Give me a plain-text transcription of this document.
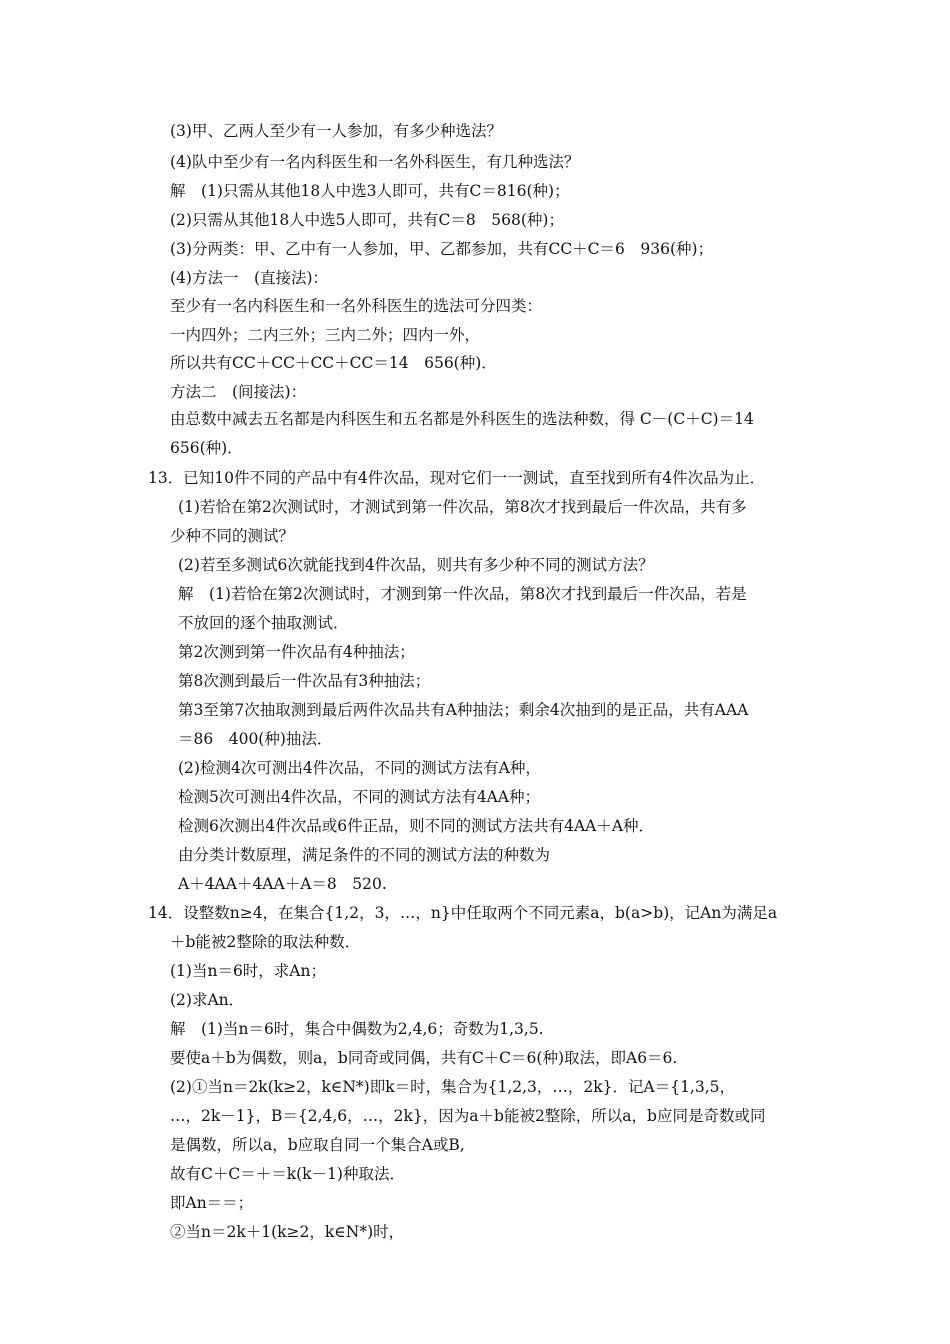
(3)甲、乙两人至少有一人参加，有多少种选法？
(4)队中至少有一名内科医生和一名外科医生，有几种选法？
解　(1)只需从其他18人中选3人即可，共有C＝816(种)；
(2)只需从其他18人中选5人即可，共有C＝8　568(种)；
(3)分两类：甲、乙中有一人参加，甲、乙都参加，共有CC＋C＝6　936(种)；
(4)方法一　(直接法)：
至少有一名内科医生和一名外科医生的选法可分四类：
一内四外；二内三外；三内二外；四内一外，
所以共有CC＋CC＋CC＋CC＝14　656(种)．
方法二　(间接法)：
由总数中减去五名都是内科医生和五名都是外科医生的选法种数，得 C－(C＋C)＝14
656(种)．
13．已知10件不同的产品中有4件次品，现对它们一一测试，直至找到所有4件次品为止．
(1)若恰在第2次测试时，才测试到第一件次品，第8次才找到最后一件次品，共有多
少种不同的测试？
(2)若至多测试6次就能找到4件次品，则共有多少种不同的测试方法？
解　(1)若恰在第2次测试时，才测到第一件次品，第8次才找到最后一件次品，若是
不放回的逐个抽取测试．
第2次测到第一件次品有4种抽法；
第8次测到最后一件次品有3种抽法；
第3至第7次抽取测到最后两件次品共有A种抽法；剩余4次抽到的是正品，共有AAA
＝86　400(种)抽法．
(2)检测4次可测出4件次品，不同的测试方法有A种，
检测5次可测出4件次品，不同的测试方法有4AA种；
检测6次测出4件次品或6件正品，则不同的测试方法共有4AA＋A种．
由分类计数原理，满足条件的不同的测试方法的种数为
A＋4AA＋4AA＋A＝8　520.
14．设整数n≥4，在集合{1,2，3，…，n}中任取两个不同元素a，b(a>b)，记An为满足a
＋b能被2整除的取法种数．
(1)当n＝6时，求An；
(2)求An．
解　(1)当n＝6时，集合中偶数为2,4,6；奇数为1,3,5.
要使a＋b为偶数，则a，b同奇或同偶，共有C＋C＝6(种)取法，即A6＝6.
(2)①当n＝2k(k≥2，k∈N*)即k＝时，集合为{1,2,3，…，2k}．记A＝{1,3,5，
…，2k－1}，B＝{2,4,6，…，2k}，因为a＋b能被2整除，所以a，b应同是奇数或同
是偶数，所以a，b应取自同一个集合A或B,
故有C＋C＝＋＝k(k－1)种取法．
即An＝＝；
②当n＝2k＋1(k≥2，k∈N*)时，
